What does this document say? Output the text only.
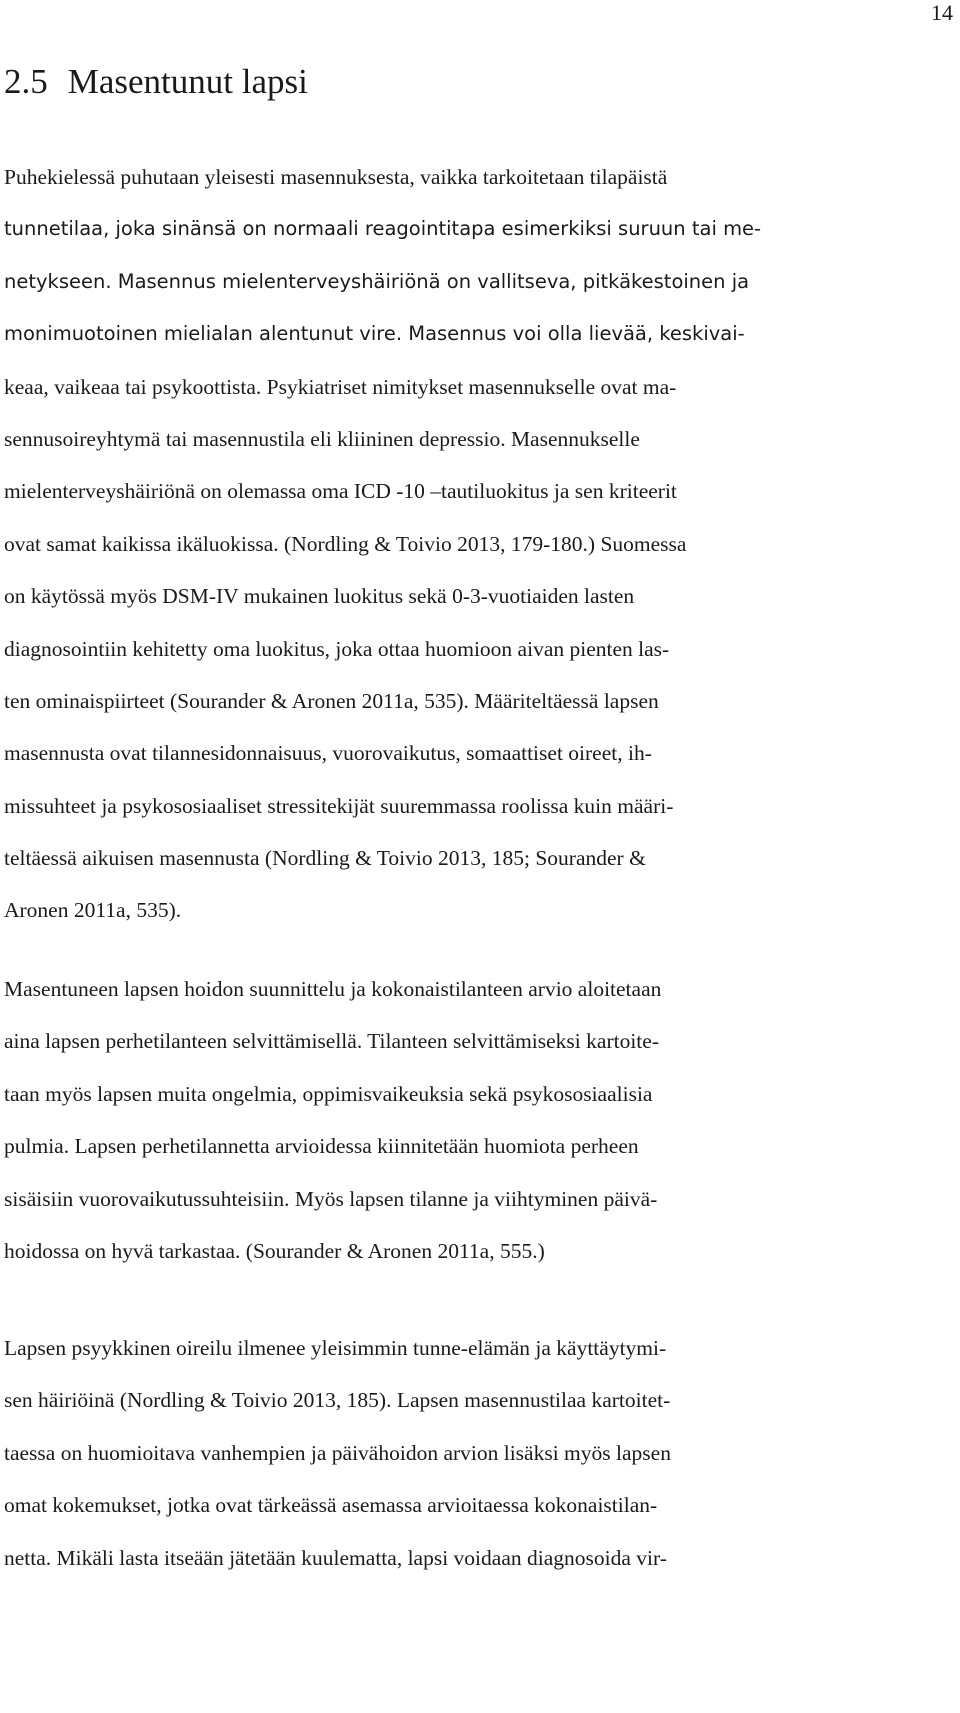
14
2.5 Masentunut lapsi
Puhekielessä puhutaan yleisesti masennuksesta, vaikka tarkoitetaan tilapäistä
tunnetilaa, joka sinänsä on normaali reagointitapa esimerkiksi suruun tai me-
netykseen. Masennus mielenterveyshäiriönä on vallitseva, pitkäkestoinen ja
monimuotoinen mielialan alentunut vire. Masennus voi olla lievää, keskivai-
keaa, vaikeaa tai psykoottista. Psykiatriset nimitykset masennukselle ovat ma-
sennusoireyhtymä tai masennustila eli kliininen depressio. Masennukselle
mielenterveyshäiriönä on olemassa oma ICD -10 –tautiluokitus ja sen kriteerit
ovat samat kaikissa ikäluokissa. (Nordling & Toivio 2013, 179-180.) Suomessa
on käytössä myös DSM-IV mukainen luokitus sekä 0-3-vuotiaiden lasten
diagnosointiin kehitetty oma luokitus, joka ottaa huomioon aivan pienten las-
ten ominaispiirteet (Sourander & Aronen 2011a, 535). Määriteltäessä lapsen
masennusta ovat tilannesidonnaisuus, vuorovaikutus, somaattiset oireet, ih-
missuhteet ja psykososiaaliset stressitekijät suuremmassa roolissa kuin määri-
teltäessä aikuisen masennusta (Nordling & Toivio 2013, 185; Sourander &
Aronen 2011a, 535).
Masentuneen lapsen hoidon suunnittelu ja kokonaistilanteen arvio aloitetaan
aina lapsen perhetilanteen selvittämisellä. Tilanteen selvittämiseksi kartoite-
taan myös lapsen muita ongelmia, oppimisvaikeuksia sekä psykososiaalisia
pulmia. Lapsen perhetilannetta arvioidessa kiinnitetään huomiota perheen
sisäisiin vuorovaikutussuhteisiin. Myös lapsen tilanne ja viihtyminen päivä-
hoidossa on hyvä tarkastaa. (Sourander & Aronen 2011a, 555.)
Lapsen psyykkinen oireilu ilmenee yleisimmin tunne-elämän ja käyttäytymi-
sen häiriöinä (Nordling & Toivio 2013, 185). Lapsen masennustilaa kartoitet-
taessa on huomioitava vanhempien ja päivähoidon arvion lisäksi myös lapsen
omat kokemukset, jotka ovat tärkeässä asemassa arvioitaessa kokonaistilan-
netta. Mikäli lasta itseään jätetään kuulematta, lapsi voidaan diagnosoida vir-
